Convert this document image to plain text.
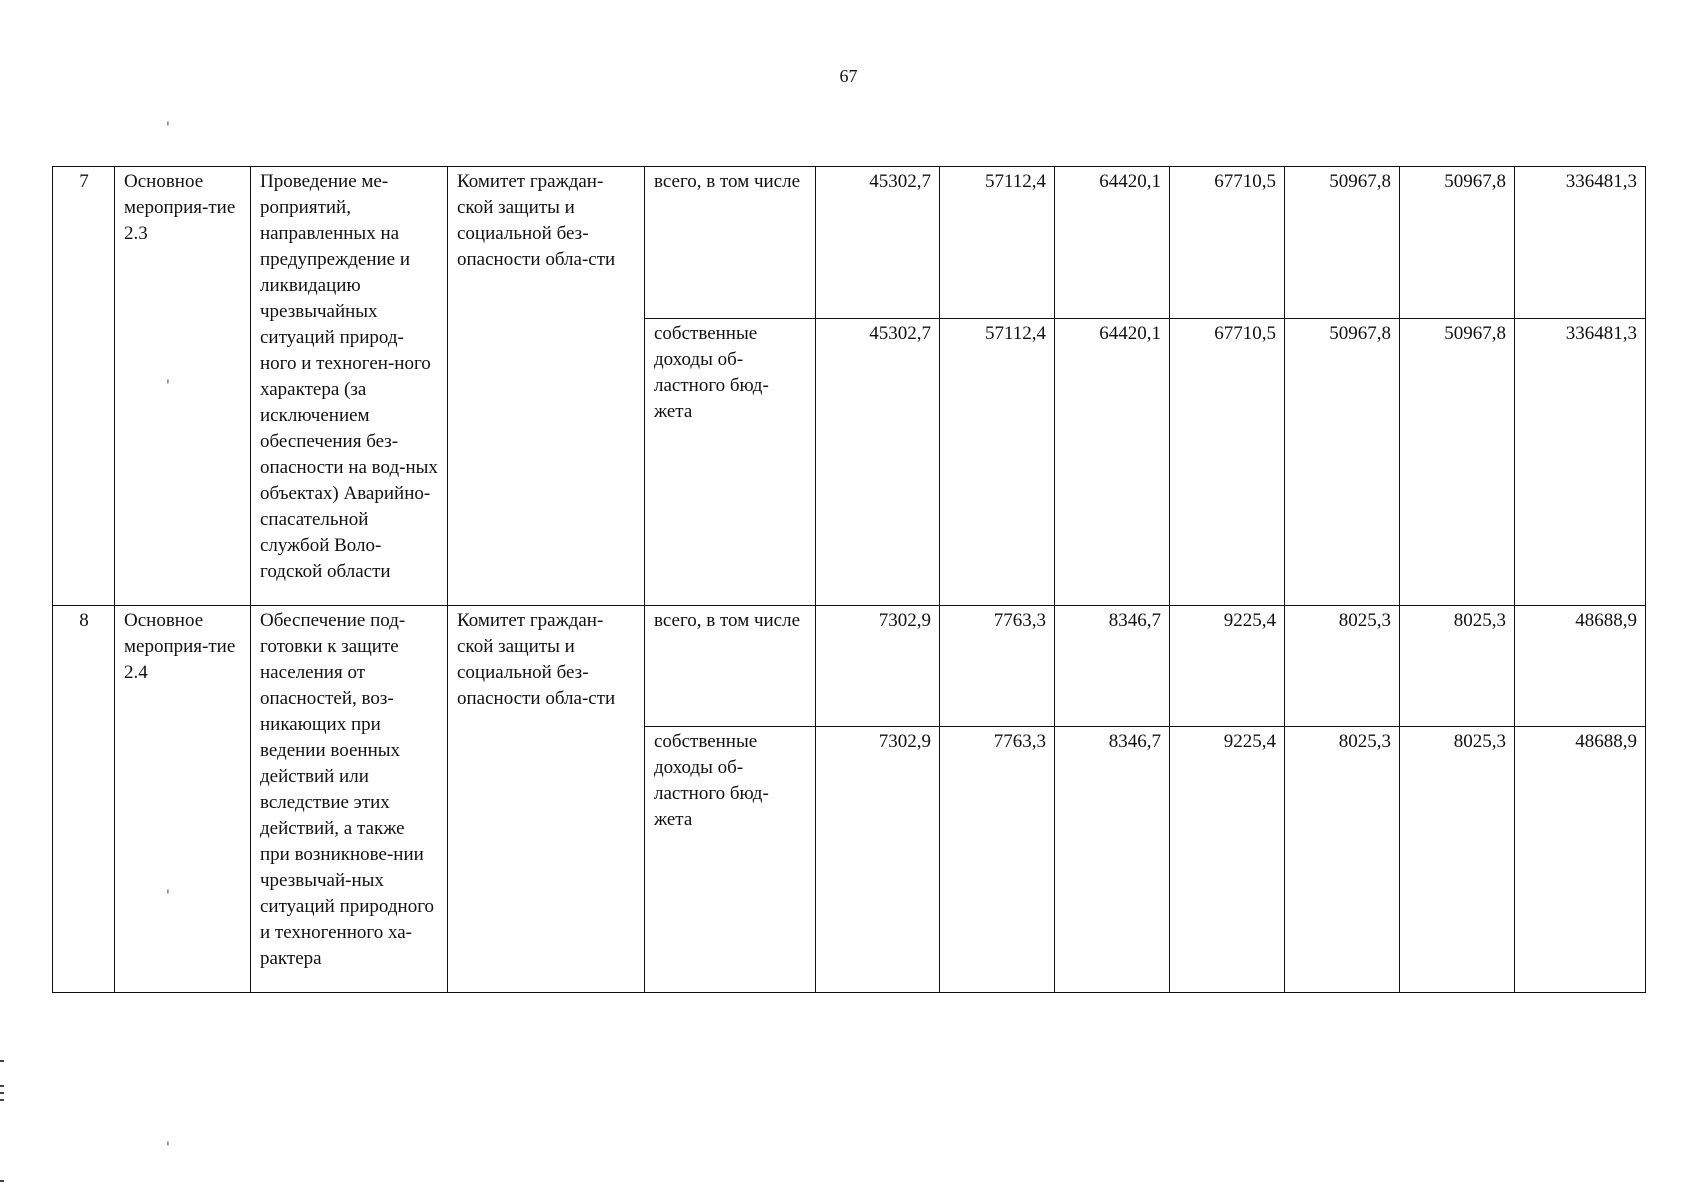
67
7	Основное мероприя-тие 2.3	Проведение ме-роприятий, направленных на предупреждение и ликвидацию чрезвычайных ситуаций природ-ного и техноген-ного характера (за исключением обеспечения без-опасности на вод-ных объектах) Аварийно-спасательной службой Воло-годской области	Комитет граждан-ской защиты и социальной без-опасности обла-сти	всего, в том числе	45302,7	57112,4	64420,1	67710,5	50967,8	50967,8	336481,3
				собственные доходы об-ластного бюд-жета	45302,7	57112,4	64420,1	67710,5	50967,8	50967,8	336481,3
8	Основное мероприя-тие 2.4	Обеспечение под-готовки к защите населения от опасностей, воз-никающих при ведении военных действий или вследствие этих действий, а также при возникнове-нии чрезвычай-ных ситуаций природного и техногенного ха-рактера	Комитет граждан-ской защиты и социальной без-опасности обла-сти	всего, в том числе	7302,9	7763,3	8346,7	9225,4	8025,3	8025,3	48688,9
				собственные доходы об-ластного бюд-жета	7302,9	7763,3	8346,7	9225,4	8025,3	8025,3	48688,9
'
'
'
'
